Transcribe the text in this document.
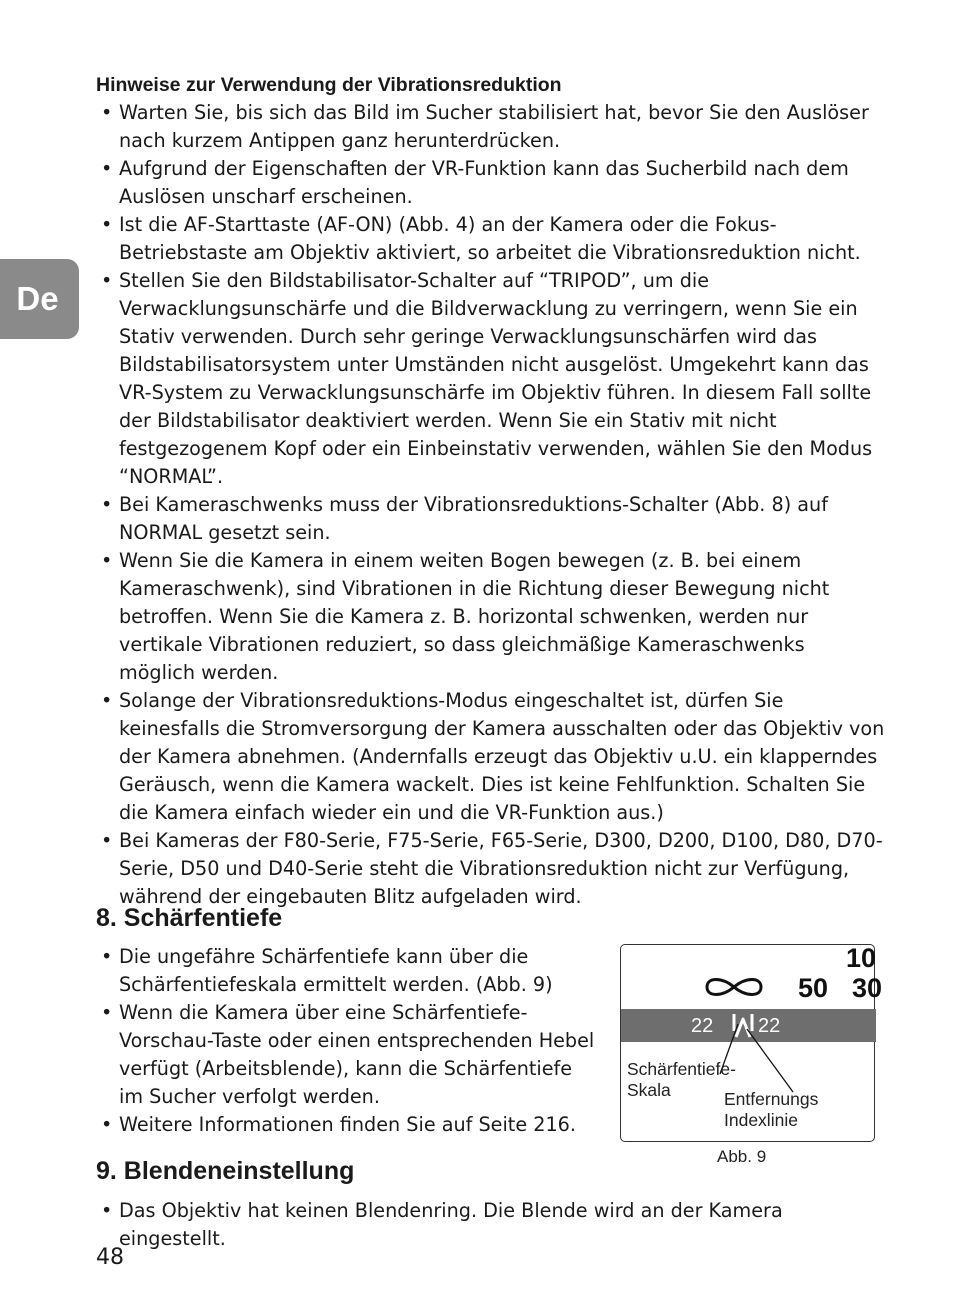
De
Hinweise zur Verwendung der Vibrationsreduktion
• Warten Sie, bis sich das Bild im Sucher stabilisiert hat, bevor Sie den Auslöser nach kurzem Antippen ganz herunterdrücken.
• Aufgrund der Eigenschaften der VR-Funktion kann das Sucherbild nach dem Auslösen unscharf erscheinen.
• Ist die AF-Starttaste (AF-ON) (Abb. 4) an der Kamera oder die Fokus-Betriebstaste am Objektiv aktiviert, so arbeitet die Vibrationsreduktion nicht.
• Stellen Sie den Bildstabilisator-Schalter auf “TRIPOD”, um die Verwacklungsunschärfe und die Bildverwacklung zu verringern, wenn Sie ein Stativ verwenden. Durch sehr geringe Verwacklungsunschärfen wird das Bildstabilisatorsystem unter Umständen nicht ausgelöst. Umgekehrt kann das VR-System zu Verwacklungsunschärfe im Objektiv führen. In diesem Fall sollte der Bildstabilisator deaktiviert werden. Wenn Sie ein Stativ mit nicht festgezogenem Kopf oder ein Einbeinstativ verwenden, wählen Sie den Modus “NORMAL”.
• Bei Kameraschwenks muss der Vibrationsreduktions-Schalter (Abb. 8) auf NORMAL gesetzt sein.
• Wenn Sie die Kamera in einem weiten Bogen bewegen (z. B. bei einem Kameraschwenk), sind Vibrationen in die Richtung dieser Bewegung nicht betroffen. Wenn Sie die Kamera z. B. horizontal schwenken, werden nur vertikale Vibrationen reduziert, so dass gleichmäßige Kameraschwenks möglich werden.
• Solange der Vibrationsreduktions-Modus eingeschaltet ist, dürfen Sie keinesfalls die Stromversorgung der Kamera ausschalten oder das Objektiv von der Kamera abnehmen. (Andernfalls erzeugt das Objektiv u.U. ein klapperndes Geräusch, wenn die Kamera wackelt. Dies ist keine Fehlfunktion. Schalten Sie die Kamera einfach wieder ein und die VR-Funktion aus.)
• Bei Kameras der F80-Serie, F75-Serie, F65-Serie, D300, D200, D100, D80, D70-Serie, D50 und D40-Serie steht die Vibrationsreduktion nicht zur Verfügung, während der eingebauten Blitz aufgeladen wird.
8. Schärfentiefe
• Die ungefähre Schärfentiefe kann über die Schärfentiefeskala ermittelt werden. (Abb. 9)
• Wenn die Kamera über eine Schärfentiefe-Vorschau-Taste oder einen entsprechenden Hebel verfügt (Arbeitsblende), kann die Schärfentiefe im Sucher verfolgt werden.
• Weitere Informationen finden Sie auf Seite 216.
10
50 30
22 22

Schärfentiefe-
Skala	Entfernungs
Indexlinie

Abb. 9
9. Blendeneinstellung
• Das Objektiv hat keinen Blendenring. Die Blende wird an der Kamera eingestellt.
48
